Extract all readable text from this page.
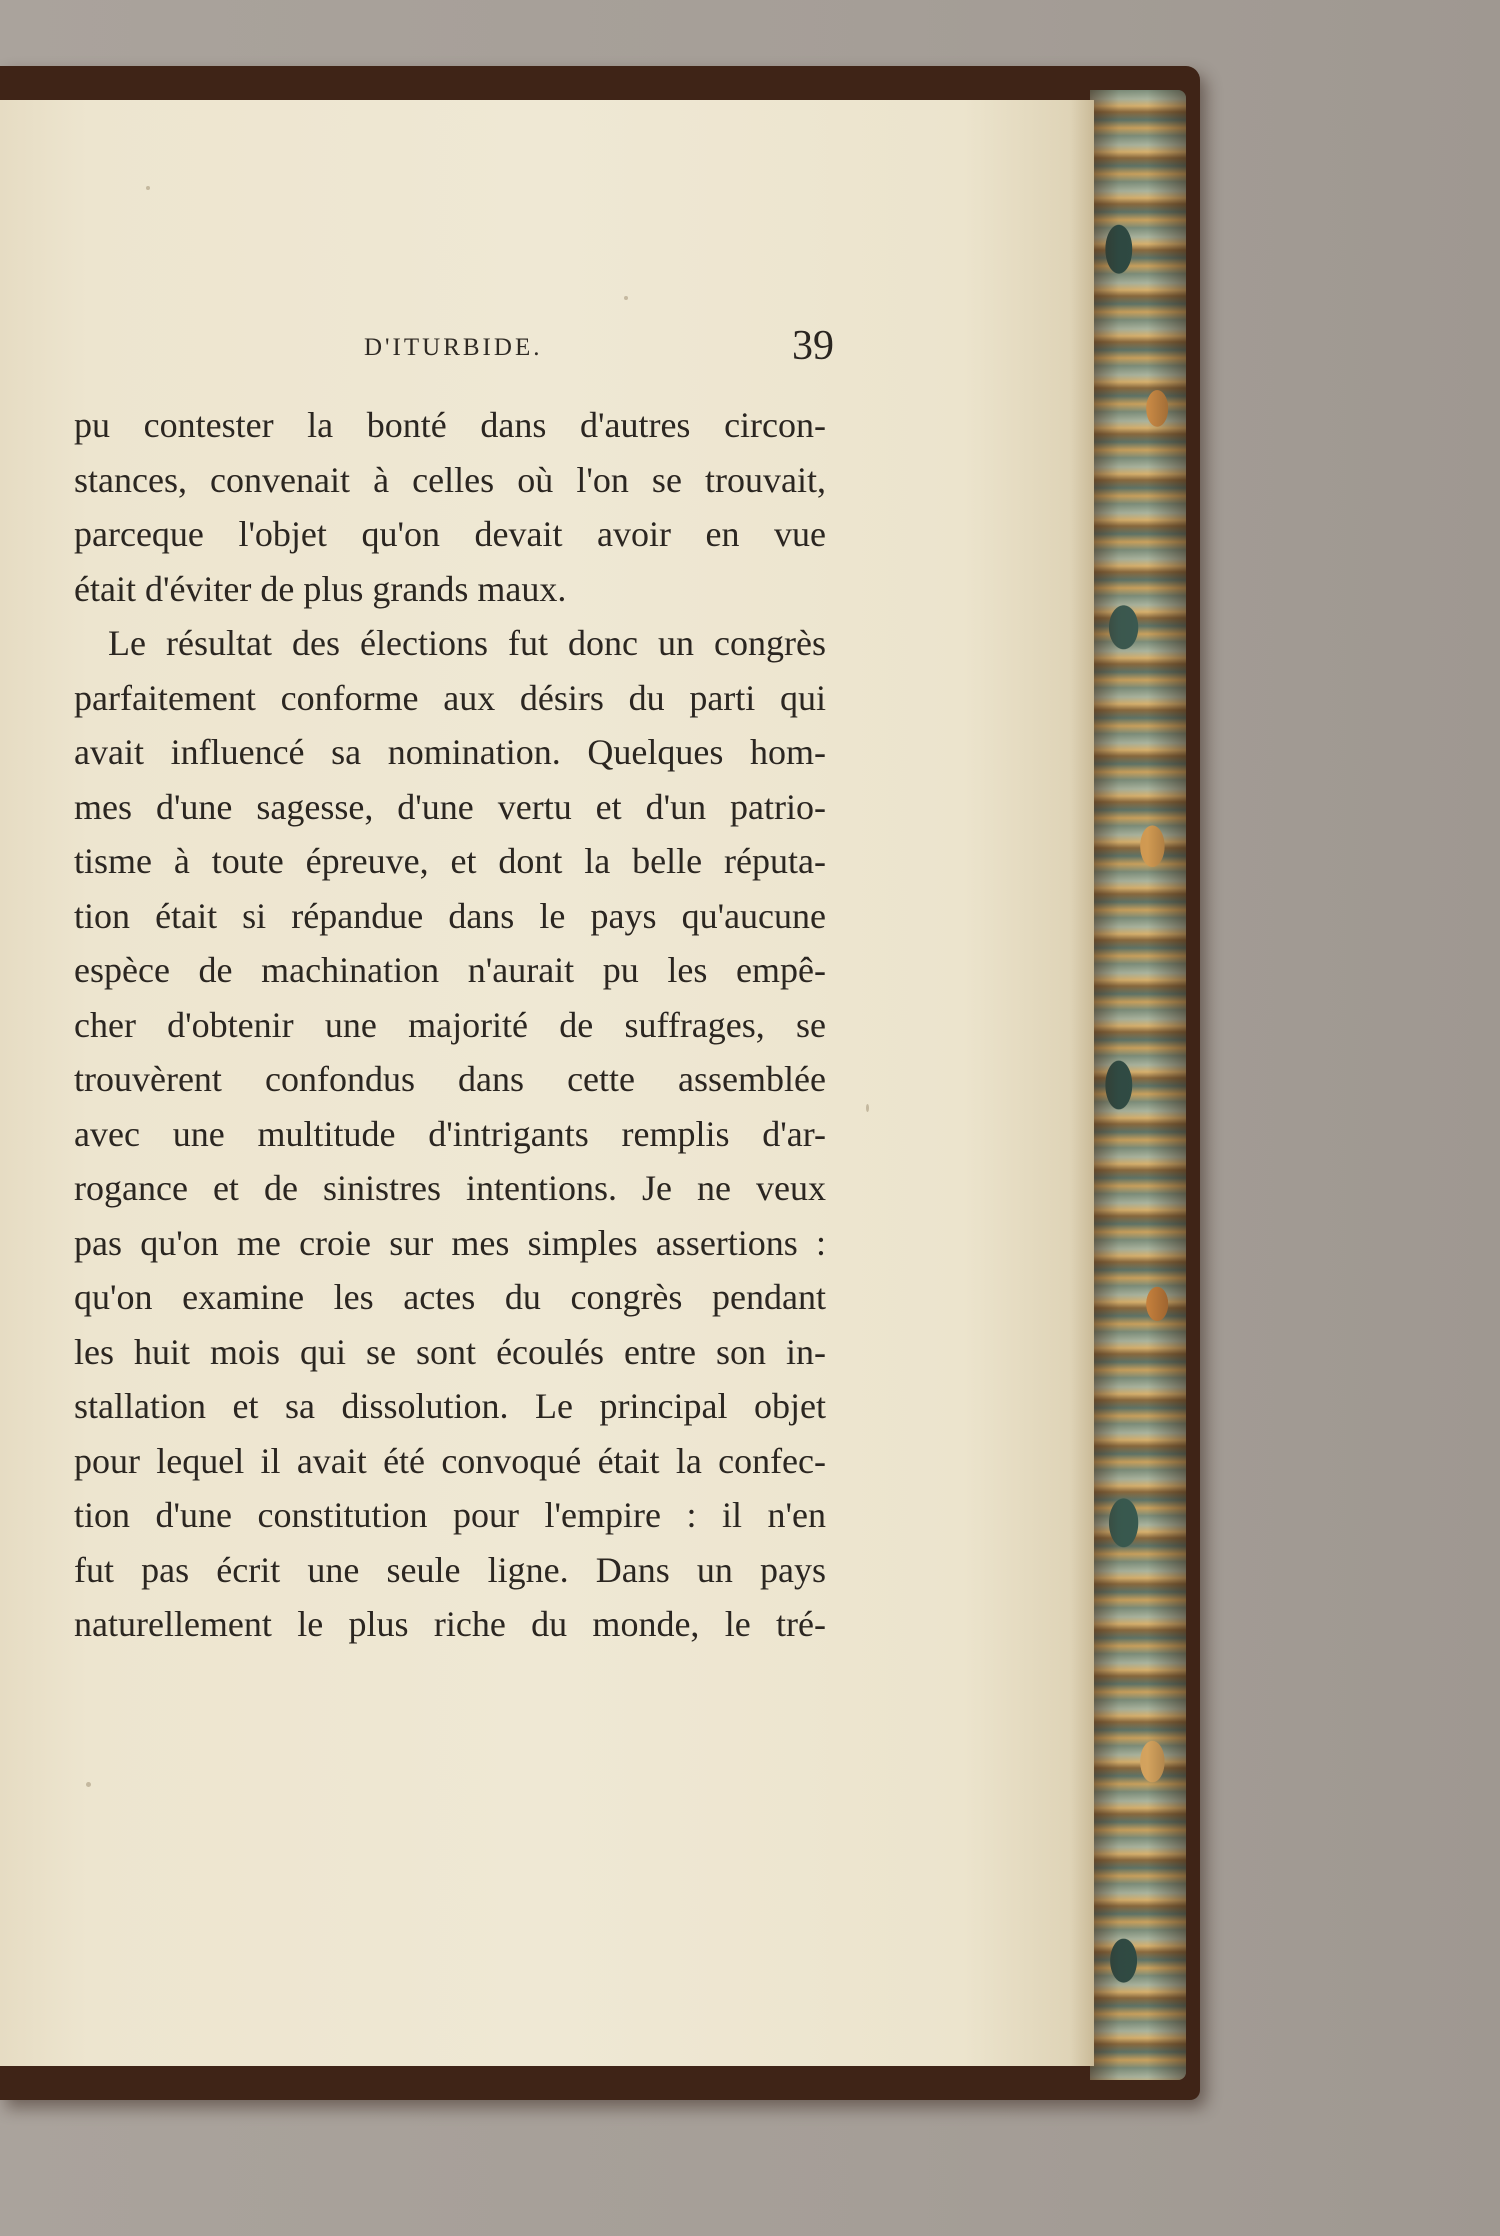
D'ITURBIDE.	39
pu contester la bonté dans d'autres circon-
stances, convenait à celles où l'on se trouvait,
parceque l'objet qu'on devait avoir en vue
était d'éviter de plus grands maux.
Le résultat des élections fut donc un congrès
parfaitement conforme aux désirs du parti qui
avait influencé sa nomination. Quelques hom-
mes d'une sagesse, d'une vertu et d'un patrio-
tisme à toute épreuve, et dont la belle réputa-
tion était si répandue dans le pays qu'aucune
espèce de machination n'aurait pu les empê-
cher d'obtenir une majorité de suffrages, se
trouvèrent confondus dans cette assemblée
avec une multitude d'intrigants remplis d'ar-
rogance et de sinistres intentions. Je ne veux
pas qu'on me croie sur mes simples assertions :
qu'on examine les actes du congrès pendant
les huit mois qui se sont écoulés entre son in-
stallation et sa dissolution. Le principal objet
pour lequel il avait été convoqué était la confec-
tion d'une constitution pour l'empire : il n'en
fut pas écrit une seule ligne. Dans un pays
naturellement le plus riche du monde, le tré-
